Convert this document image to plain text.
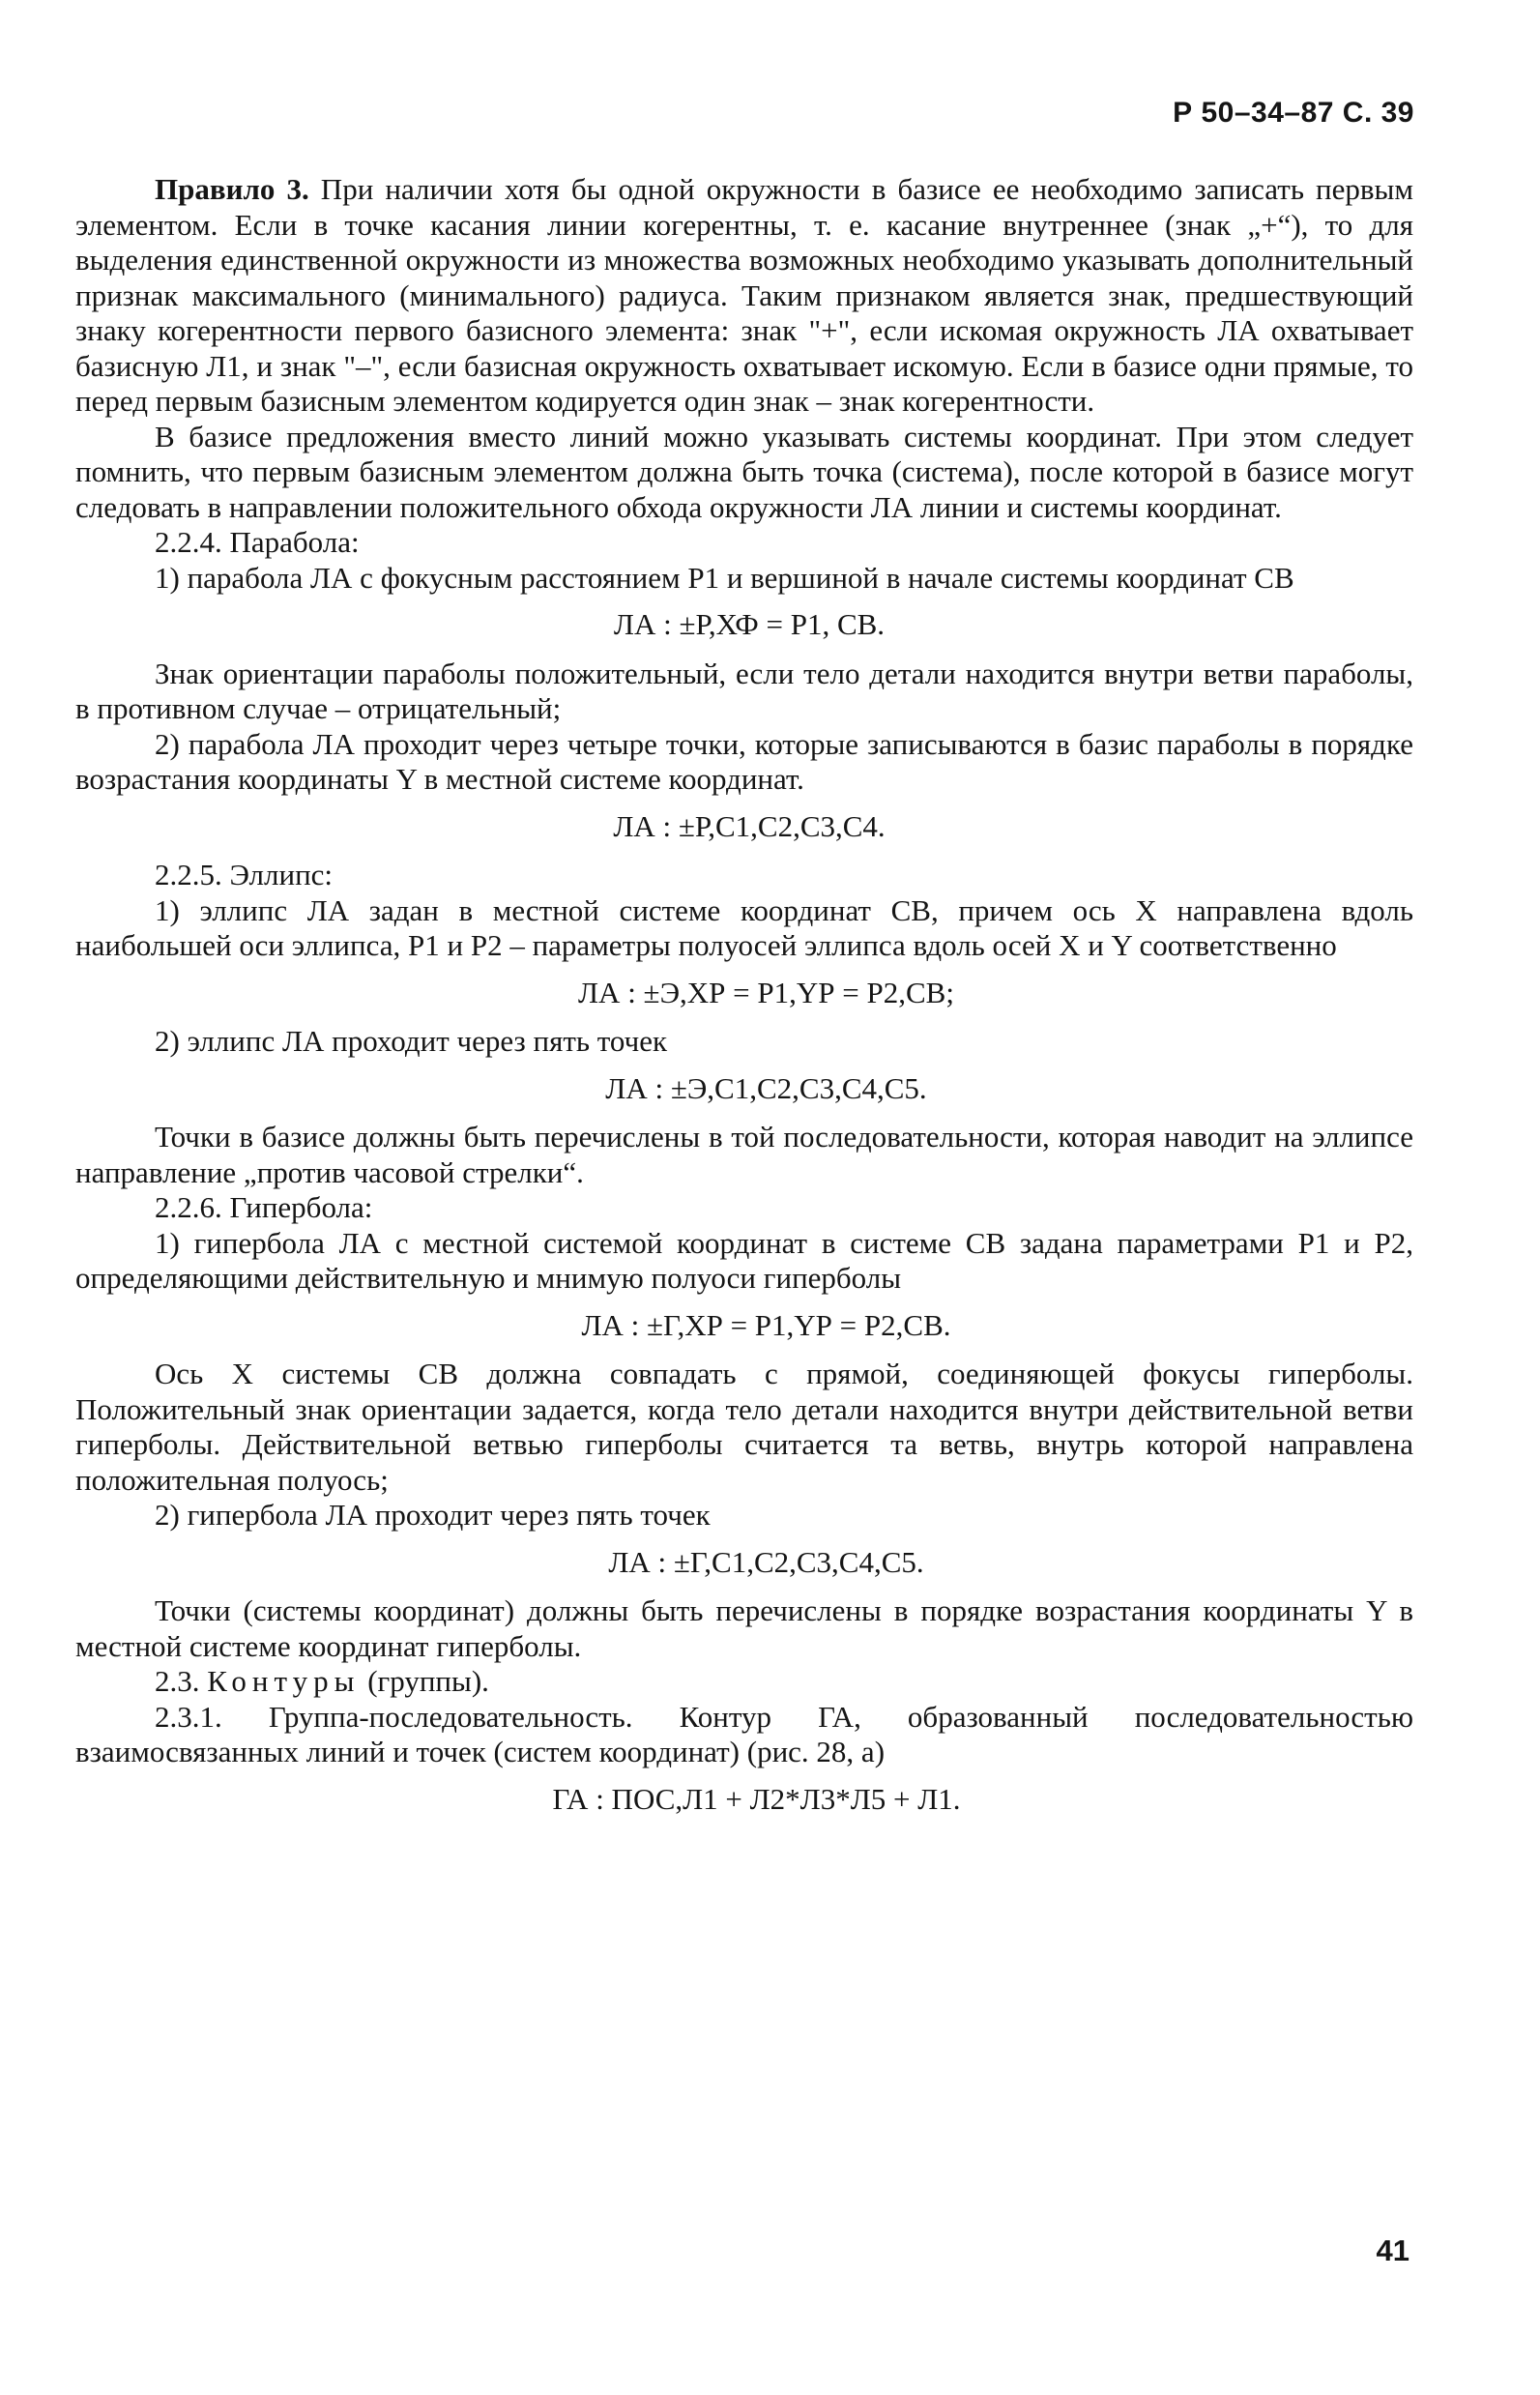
Р 50–34–87 С. 39

Правило 3. При наличии хотя бы одной окружности в базисе ее необходимо записать первым элементом. Если в точке касания линии когерентны, т. е. касание внутреннее (знак „+“), то для выделения единственной окружности из множества возможных необходимо указывать дополнительный признак максимального (минимального) радиуса. Таким признаком является знак, предшествующий знаку когерентности первого базисного элемента: знак "+", если искомая окружность ЛА охватывает базисную Л1, и знак "–", если базисная окружность охватывает искомую. Если в базисе одни прямые, то перед первым базисным элементом кодируется один знак – знак когерентности.

В базисе предложения вместо линий можно указывать системы координат. При этом следует помнить, что первым базисным элементом должна быть точка (система), после которой в базисе могут следовать в направлении положительного обхода окружности ЛА линии и системы координат.

2.2.4. Парабола:

1) парабола ЛА с фокусным расстоянием Р1 и вершиной в начале системы координат СВ

ЛА : ±Р,ХФ = Р1, СВ.

Знак ориентации параболы положительный, если тело детали находится внутри ветви параболы, в противном случае – отрицательный;

2) парабола ЛА проходит через четыре точки, которые записываются в базис параболы в порядке возрастания координаты Y в местной системе координат.

ЛА : ±Р,С1,С2,С3,С4.

2.2.5. Эллипс:

1) эллипс ЛА задан в местной системе координат СВ, причем ось X направлена вдоль наибольшей оси эллипса, Р1 и Р2 – параметры полуосей эллипса вдоль осей X и Y соответственно

ЛА : ±Э,ХР = Р1,YР = Р2,СВ;

2) эллипс ЛА проходит через пять точек

ЛА : ±Э,С1,С2,С3,С4,С5.

Точки в базисе должны быть перечислены в той последовательности, которая наводит на эллипсе направление „против часовой стрелки“.

2.2.6. Гипербола:

1) гипербола ЛА с местной системой координат в системе СВ задана параметрами Р1 и Р2, определяющими действительную и мнимую полуоси гиперболы

ЛА : ±Г,ХР = Р1,YР = Р2,СВ.

Ось X системы СВ должна совпадать с прямой, соединяющей фокусы гиперболы. Положительный знак ориентации задается, когда тело детали находится внутри действительной ветви гиперболы. Действительной ветвью гиперболы считается та ветвь, внутрь которой направлена положительная полуось;

2) гипербола ЛА проходит через пять точек

ЛА : ±Г,С1,С2,С3,С4,С5.

Точки (системы координат) должны быть перечислены в порядке возрастания координаты Y в местной системе координат гиперболы.

2.3. Контуры (группы).

2.3.1. Группа-последовательность. Контур ГА, образованный последовательностью взаимосвязанных линий и точек (систем координат) (рис. 28, а)

ГА : ПОС,Л1 + Л2*Л3*Л5 + Л1.
41
